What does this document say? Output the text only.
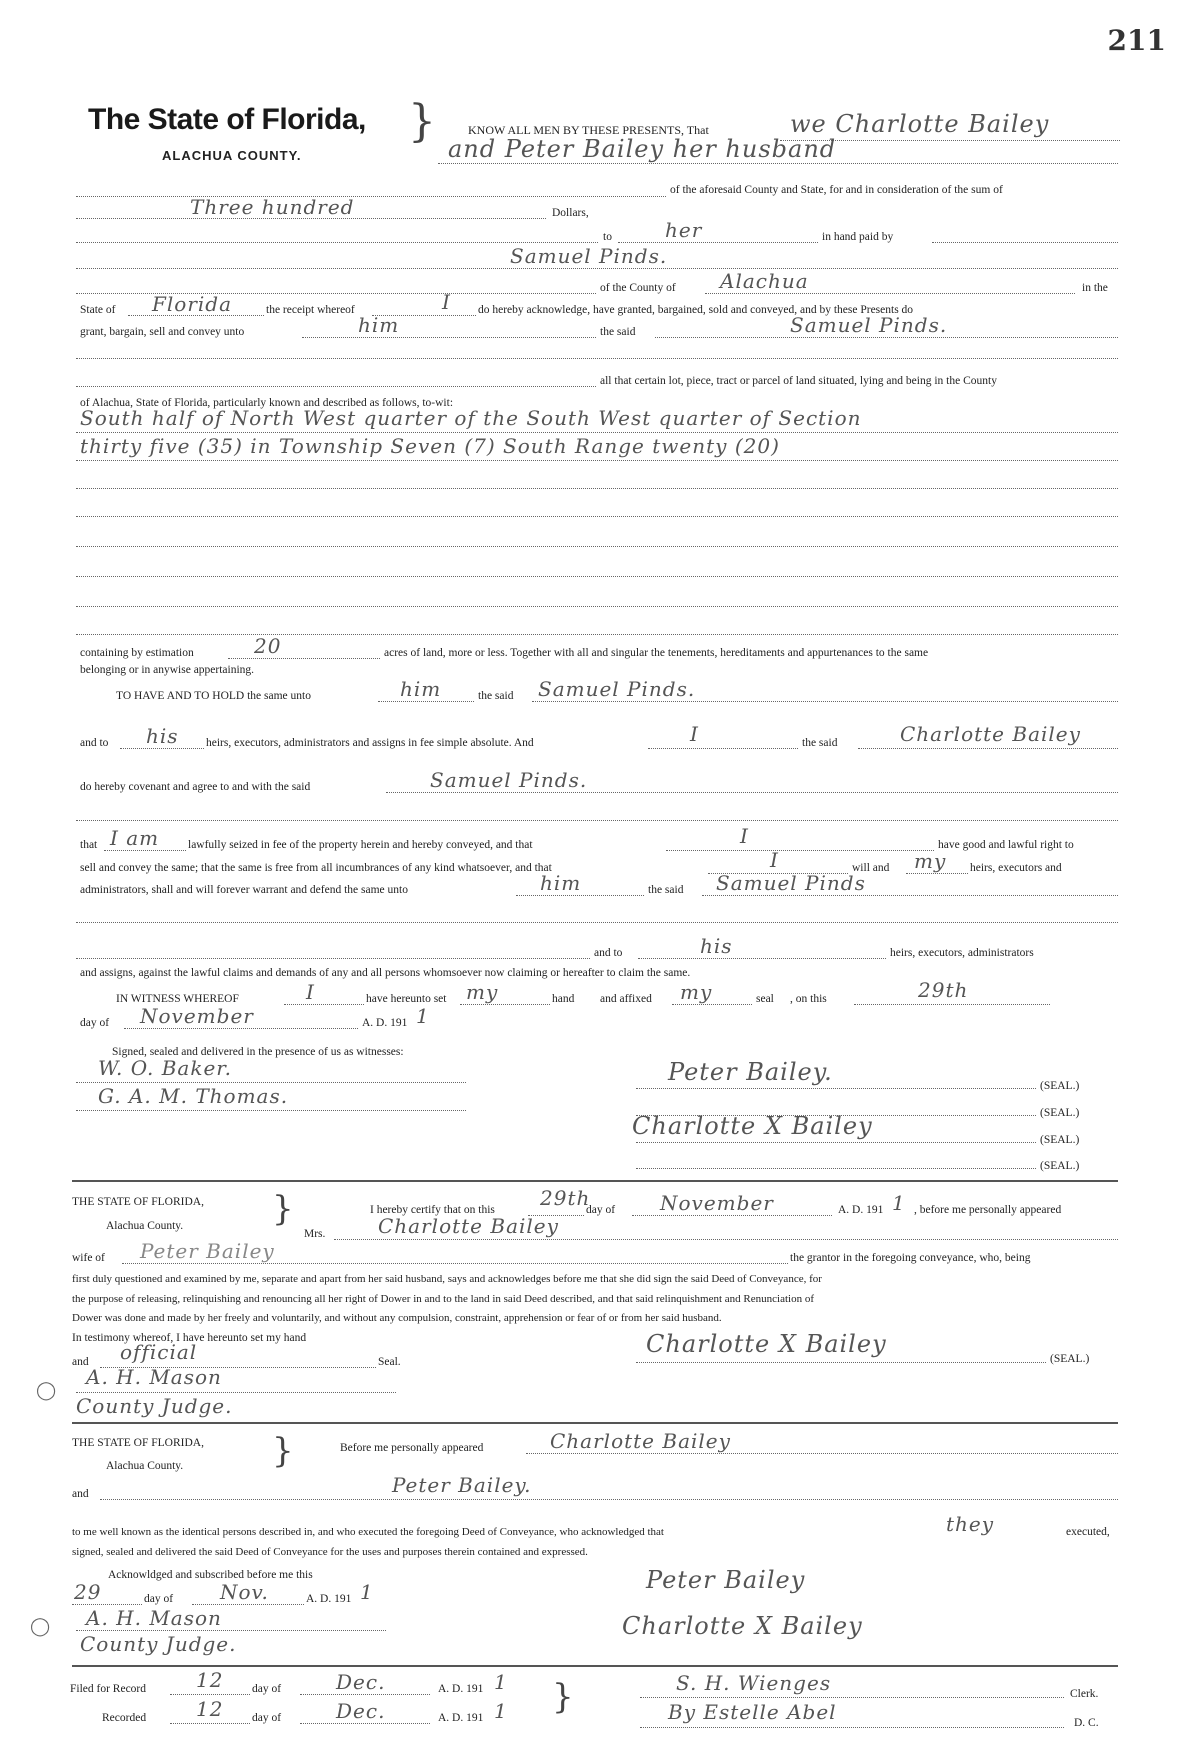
211
The State of Florida,
ALACHUA COUNTY.
}	KNOW ALL MEN BY THESE PRESENTS, That	we Charlotte Bailey
and Peter Bailey her husband
of the aforesaid County and State, for and in consideration of the sum of
Three hundred	Dollars,
to	her	in hand paid by
Samuel Pinds.
of the County of Alachua	in the
State of Florida	the receipt whereof	I do hereby acknowledge, have granted, bargained, sold and conveyed, and by these Presents do
grant, bargain, sell and convey unto	him	the said	Samuel Pinds.
all that certain lot, piece, tract or parcel of land situated, lying and being in the County
of Alachua, State of Florida, particularly known and described as follows, to-wit:
South half of North West quarter of the South West quarter of Section
thirty five (35) in Township Seven (7) South Range twenty (20)
containing by estimation	20	acres of land, more or less. Together with all and singular the tenements, hereditaments and appurtenances to the same
belonging or in anywise appertaining.
TO HAVE AND TO HOLD the same unto	him	the said Samuel Pinds.
and to his heirs, executors, administrators and assigns in fee simple absolute. And	I	the said	Charlotte Bailey
do hereby covenant and agree to and with the said	Samuel Pinds.
that I am	lawfully seized in fee of the property herein and hereby conveyed, and that	I	have good and lawful right to
sell and convey the same; that the same is free from all incumbrances of any kind whatsoever, and that	I	will and my heirs, executors and
administrators, shall and will forever warrant and defend the same unto	him	the said Samuel Pinds
and to	his	heirs, executors, administrators
and assigns, against the lawful claims and demands of any and all persons whomsoever now claiming or hereafter to claim the same.
IN WITNESS WHEREOF	I	have hereunto set my	hand and affixed my	seal , on this	29th
day of November	A. D. 191 1
Signed, sealed and delivered in the presence of us as witnesses:
W. O. Baker.
G. A. M. Thomas.
Peter Bailey.	(SEAL.)
(SEAL.)
Charlotte X Bailey	(SEAL.)
(SEAL.)
THE STATE OF FLORIDA,
Alachua County.	}	I hereby certify that on this 29th
day of November	A. D. 191 1 , before me personally appeared
Mrs.	Charlotte Bailey
wife of Peter Bailey	the grantor in the foregoing conveyance, who, being
first duly questioned and examined by me, separate and apart from her said husband, says and acknowledges before me that she did sign the said Deed of Conveyance, for
the purpose of releasing, relinquishing and renouncing all her right of Dower in and to the land in said Deed described, and that said relinquishment and Renunciation of
Dower was done and made by her freely and voluntarily, and without any compulsion, constraint, apprehension or fear of or from her said husband.
In testimony whereof, I have hereunto set my hand
and official	Seal.
A. H. Mason
County Judge.
◯
Charlotte X Bailey
(SEAL.)
THE STATE OF FLORIDA,
Alachua County.	}	Before me personally appeared	Charlotte Bailey
and	Peter Bailey.
to me well known as the identical persons described in, and who executed the foregoing Deed of Conveyance, who acknowledged that	they	executed,
signed, sealed and delivered the said Deed of Conveyance for the uses and purposes therein contained and expressed.
Acknowldged and subscribed before me this
29	day of Nov.	A. D. 191 1
A. H. Mason
County Judge.
◯
Peter Bailey
Charlotte X Bailey
Filed for Record 12 day of	Dec.	A. D. 191 1
Recorded 12 day of	Dec.	A. D. 191 1 }	S. H. Wienges	Clerk.
By Estelle Abel	D. C.
